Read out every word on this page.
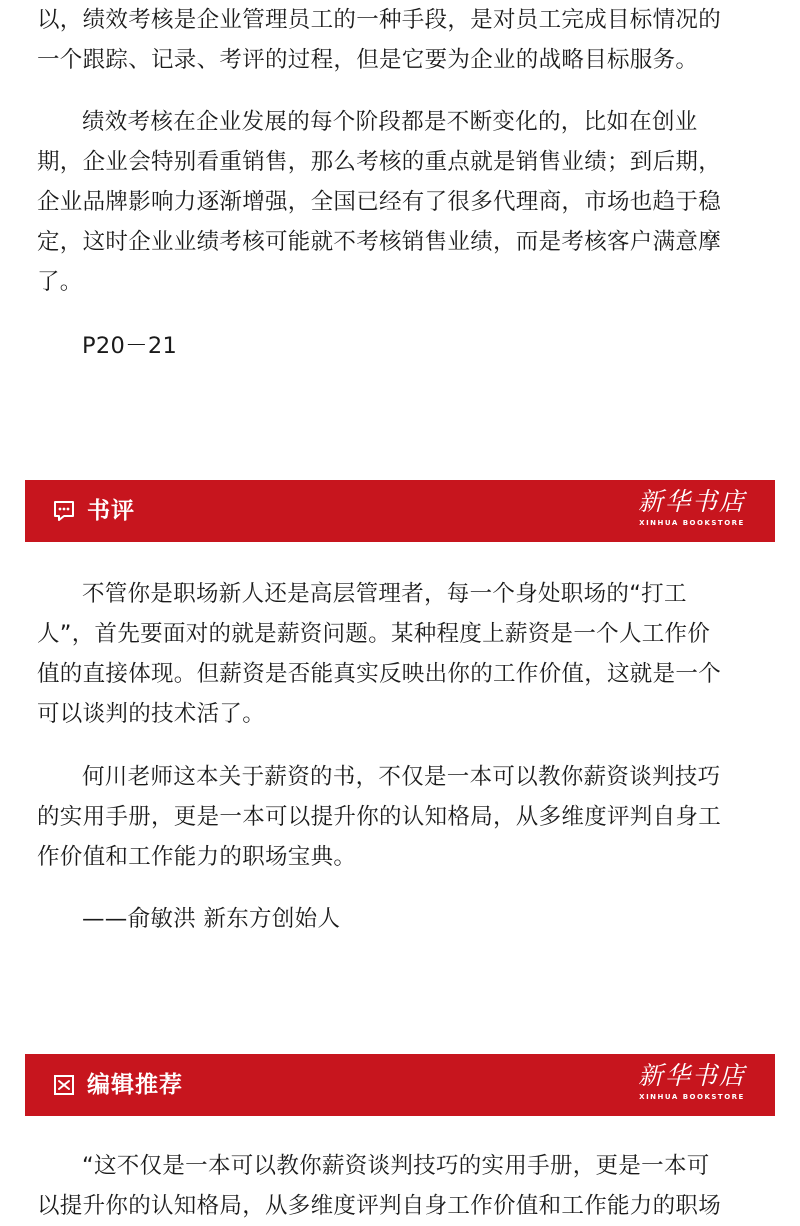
以，绩效考核是企业管理员工的一种手段，是对员工完成目标情况的
一个跟踪、记录、考评的过程，但是它要为企业的战略目标服务。

绩效考核在企业发展的每个阶段都是不断变化的，比如在创业
期，企业会特别看重销售，那么考核的重点就是销售业绩；到后期，
企业品牌影响力逐渐增强，全国已经有了很多代理商，市场也趋于稳
定，这时企业业绩考核可能就不考核销售业绩，而是考核客户满意摩
了。

P20－21

书评	新华书店
XINHUA BOOKSTORE

不管你是职场新人还是高层管理者，每一个身处职场的“打工
人”，首先要面对的就是薪资问题。某种程度上薪资是一个人工作价
值的直接体现。但薪资是否能真实反映出你的工作价值，这就是一个
可以谈判的技术活了。

何川老师这本关于薪资的书，不仅是一本可以教你薪资谈判技巧
的实用手册，更是一本可以提升你的认知格局，从多维度评判自身工
作价值和工作能力的职场宝典。

——俞敏洪 新东方创始人

编辑推荐	新华书店
XINHUA BOOKSTORE

“这不仅是一本可以教你薪资谈判技巧的实用手册，更是一本可
以提升你的认知格局，从多维度评判自身工作价值和工作能力的职场
